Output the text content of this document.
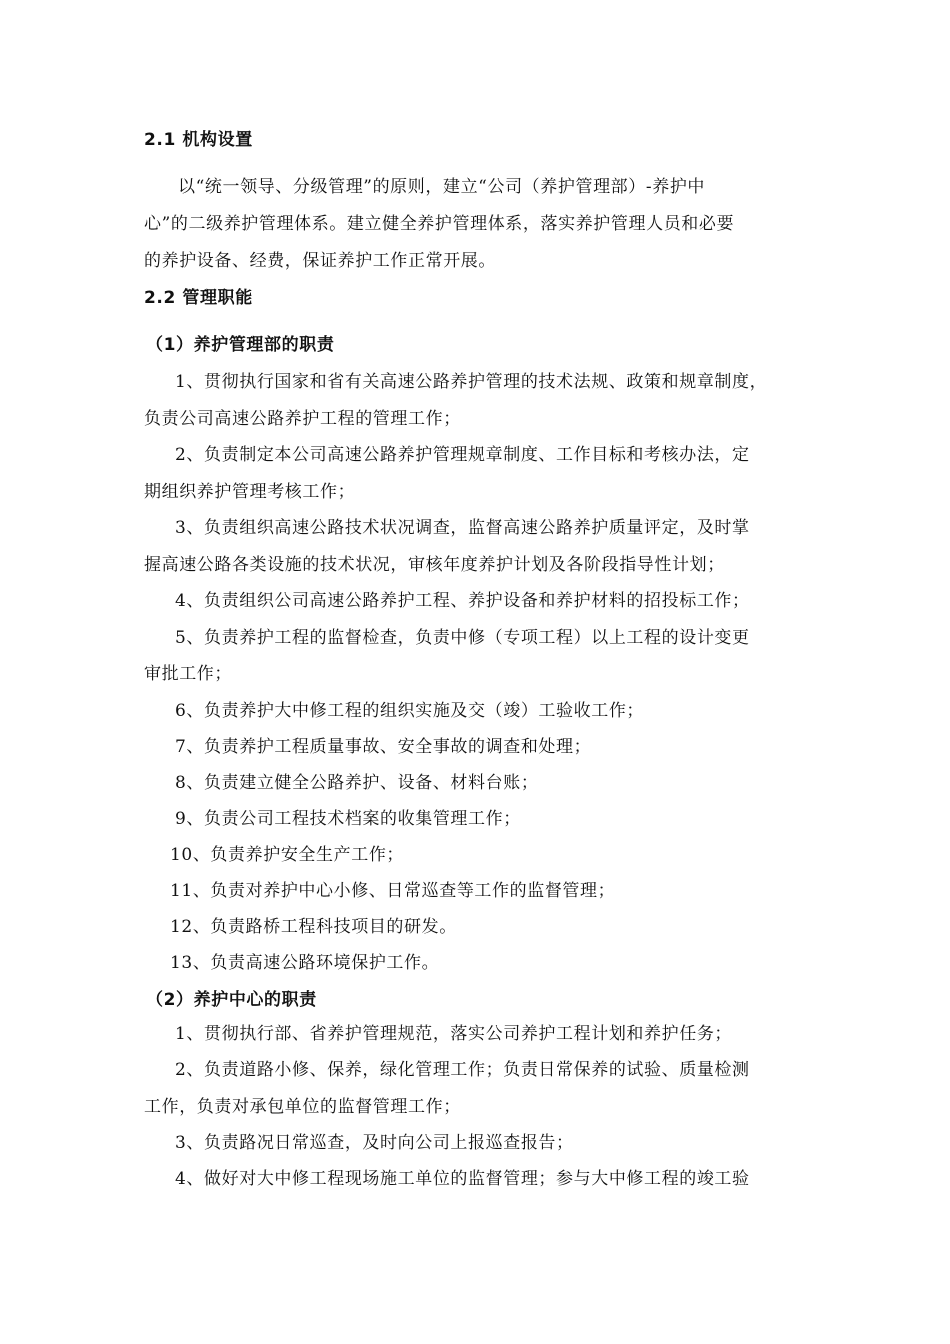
2.1 机构设置
以“统一领导、分级管理”的原则，建立“公司（养护管理部）-养护中
心”的二级养护管理体系。建立健全养护管理体系，落实养护管理人员和必要
的养护设备、经费，保证养护工作正常开展。
2.2 管理职能
（1）养护管理部的职责
1、贯彻执行国家和省有关高速公路养护管理的技术法规、政策和规章制度，
负责公司高速公路养护工程的管理工作；
2、负责制定本公司高速公路养护管理规章制度、工作目标和考核办法，定
期组织养护管理考核工作；
3、负责组织高速公路技术状况调查，监督高速公路养护质量评定，及时掌
握高速公路各类设施的技术状况，审核年度养护计划及各阶段指导性计划；
4、负责组织公司高速公路养护工程、养护设备和养护材料的招投标工作；
5、负责养护工程的监督检查，负责中修（专项工程）以上工程的设计变更
审批工作；
6、负责养护大中修工程的组织实施及交（竣）工验收工作；
7、负责养护工程质量事故、安全事故的调查和处理；
8、负责建立健全公路养护、设备、材料台账；
9、负责公司工程技术档案的收集管理工作；
10、负责养护安全生产工作；
11、负责对养护中心小修、日常巡查等工作的监督管理；
12、负责路桥工程科技项目的研发。
13、负责高速公路环境保护工作。
（2）养护中心的职责
1、贯彻执行部、省养护管理规范，落实公司养护工程计划和养护任务；
2、负责道路小修、保养，绿化管理工作；负责日常保养的试验、质量检测
工作，负责对承包单位的监督管理工作；
3、负责路况日常巡查，及时向公司上报巡查报告；
4、做好对大中修工程现场施工单位的监督管理；参与大中修工程的竣工验
